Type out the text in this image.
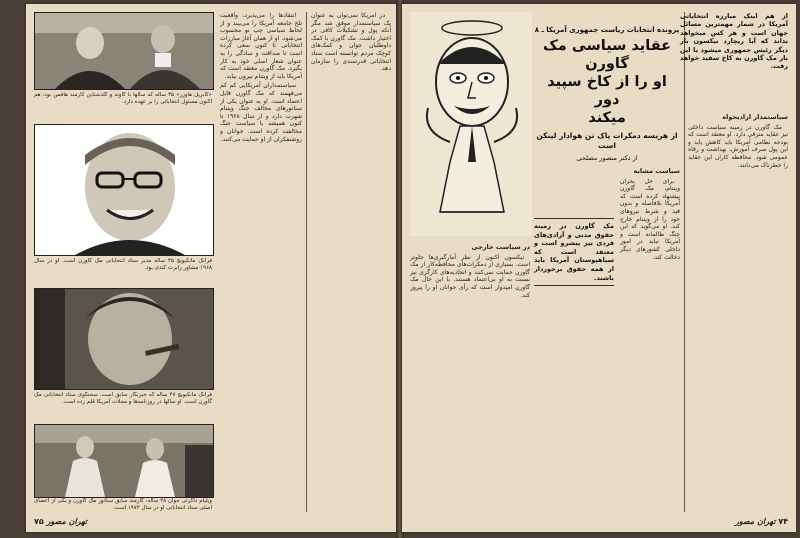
«گابریل هاوزر» ۳۵ ساله که سالها با گاوند و گلدشتاین کارمند هافمن بود، هم اکنون مسئول انتخاباتی را بر عهده دارد.
فرانک مانکیویچ ۴۵ ساله مدیر ستاد انتخاباتی مک گاورن است. او در سال ۱۹۶۸ مشاور رابرت کندی بود.
فرانک مانکیویچ ۴۷ ساله که خبرنگار سابق است، سخنگوی ستاد انتخاباتی مک گاورن است. او سالها در روزنامه‌ها و مجلات آمریکا قلم زده است.
ویلیام داگرتی جوان ۲۸ ساله، کارمند سابق سناتور مک گاورن و یکی از اعضای اصلی ستاد انتخاباتی او در سال ۱۹۷۲ است.

انتقادها را می‌پذیرد، واقعیت تلخ جامعه آمریکا را می‌بیند و از لحاظ سیاسی چپ نو محسوب می‌شود. او از همان آغاز مبارزات انتخاباتی تا کنون سعی کرده است تا صداقت و سادگی را به عنوان شعار اصلی خود به کار بگیرد. مک گاورن معتقد است که آمریکا باید از ویتنام بیرون بیاید.

سیاستمداران آمریکایی کم کم می‌فهمند که مک گاورن قابل اعتماد است. او به عنوان یکی از سناتورهای مخالف جنگ ویتنام شهرت دارد و از سال ۱۹۶۸ تا کنون همیشه با سیاست جنگ مخالفت کرده است. جوانان و روشنفکران از او حمایت می‌کنند.

در آمریکا نمی‌توان به عنوان یک سیاستمدار موفق شد مگر آنکه پول و تشکیلات کافی در اختیار داشت. مک گاورن با کمک داوطلبان جوان و کمک‌های کوچک مردم توانسته است ستاد انتخاباتی قدرتمندی را سازمان دهد.

تهران مصور ۷۵
پرونده انتخابات ریاست جمهوری آمریکا ـ ۸
عقاید سیاسی مک گاورن
او را از کاخ سپید دور
میکند
از هریسه دمکرات پاک تن هوادار لینکن است
از دکتر منصور مصلحی
مک گاورن در زمینه حقوق مدنی و آزادی‌های فردی نیز پیشرو است و معتقد است که سیاهپوستان آمریکا باید از همه حقوق برخوردار باشند.

در سیاست خارجی

نیکسون اکنون از نظر آمارگیری‌ها جلوتر است. بسیاری از دمکرات‌های محافظه‌کار از مک گاورن حمایت نمی‌کنند و اتحادیه‌های کارگری نیز نسبت به او بی‌اعتماد هستند. با این حال مک گاورن امیدوار است که رأی جوانان او را پیروز کند.

سیاست مشابه

برای حل بحران ویتنام، مک گاورن پیشنهاد کرده است که آمریکا بلافاصله و بدون قید و شرط نیروهای خود را از ویتنام خارج کند. او می‌گوید که این جنگ ظالمانه است و آمریکا نباید در امور داخلی کشورهای دیگر دخالت کند.

از هم اینک مبارزه انتخاباتی آمریکا در شمار مهمترین مسائل جهان است و هر کس میخواهد بداند که آیا ریچارد نیکسون بار دیگر رئیس جمهوری میشود یا این بار مک گاورن به کاخ سفید خواهد رفت.

سیاستمدار آزادیخواه

مک گاورن در زمینه سیاست داخلی نیز عقاید مترقی دارد. او معتقد است که بودجه نظامی آمریکا باید کاهش یابد و این پول صرف آموزش، بهداشت و رفاه عمومی شود. محافظه کاران این عقاید را خطرناک می‌دانند.

۷۴ تهران مصور
